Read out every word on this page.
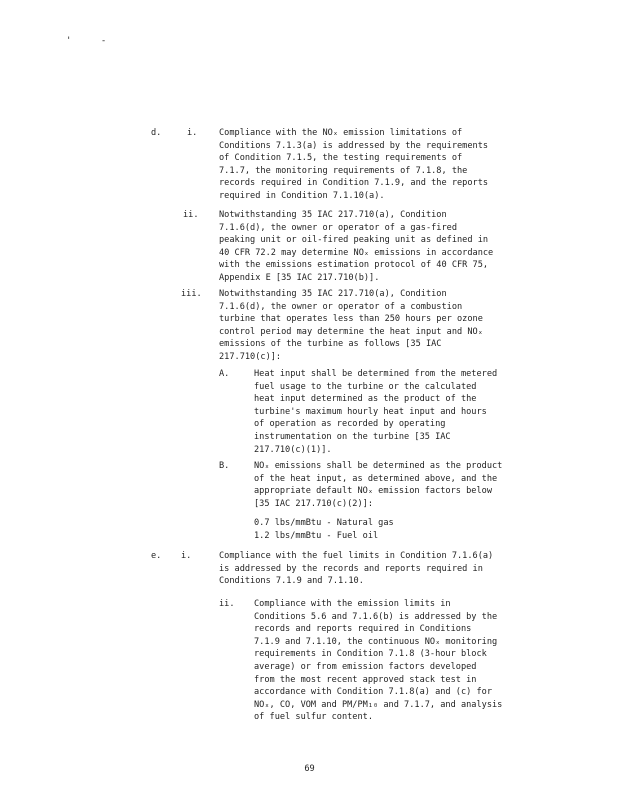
' -
d.	i.	Compliance with the NOₓ emission limitations of
Conditions 7.1.3(a) is addressed by the requirements
of Condition 7.1.5, the testing requirements of
7.1.7, the monitoring requirements of 7.1.8, the
records required in Condition 7.1.9, and the reports
required in Condition 7.1.10(a).
ii. Notwithstanding 35 IAC 217.710(a), Condition
7.1.6(d), the owner or operator of a gas-fired
peaking unit or oil-fired peaking unit as defined in
40 CFR 72.2 may determine NOₓ emissions in accordance
with the emissions estimation protocol of 40 CFR 75,
Appendix E [35 IAC 217.710(b)].
iii. Notwithstanding 35 IAC 217.710(a), Condition
7.1.6(d), the owner or operator of a combustion
turbine that operates less than 250 hours per ozone
control period may determine the heat input and NOₓ
emissions of the turbine as follows [35 IAC
217.710(c)]:
A.	Heat input shall be determined from the metered
fuel usage to the turbine or the calculated
heat input determined as the product of the
turbine's maximum hourly heat input and hours
of operation as recorded by operating
instrumentation on the turbine [35 IAC
217.710(c)(1)].
B.	NOₓ emissions shall be determined as the product
of the heat input, as determined above, and the
appropriate default NOₓ emission factors below
[35 IAC 217.710(c)(2)]:
0.7 lbs/mmBtu - Natural gas
1.2 lbs/mmBtu - Fuel oil
e. i.	Compliance with the fuel limits in Condition 7.1.6(a)
is addressed by the records and reports required in
Conditions 7.1.9 and 7.1.10.
ii. Compliance with the emission limits in
Conditions 5.6 and 7.1.6(b) is addressed by the
records and reports required in Conditions
7.1.9 and 7.1.10, the continuous NOₓ monitoring
requirements in Condition 7.1.8 (3-hour block
average) or from emission factors developed
from the most recent approved stack test in
accordance with Condition 7.1.8(a) and (c) for
NOₓ, CO, VOM and PM/PM₁₀ and 7.1.7, and analysis
of fuel sulfur content.
69
